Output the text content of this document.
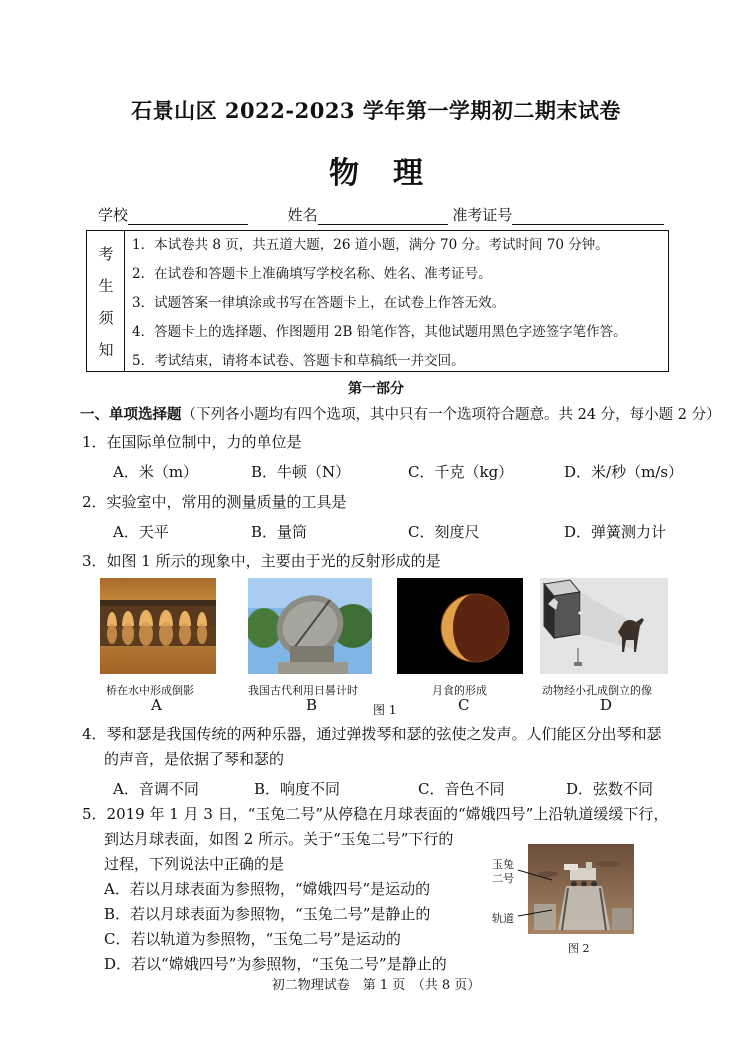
石景山区 2022-2023 学年第一学期初二期末试卷
物理
学校	姓名	准考证号
考
生
须
知
1．本试卷共 8 页，共五道大题，26 道小题，满分 70 分。考试时间 70 分钟。
2．在试卷和答题卡上准确填写学校名称、姓名、准考证号。
3．试题答案一律填涂或书写在答题卡上，在试卷上作答无效。
4．答题卡上的选择题、作图题用 2B 铅笔作答，其他试题用黑色字迹签字笔作答。
5．考试结束，请将本试卷、答题卡和草稿纸一并交回。
第一部分
一、单项选择题（下列各小题均有四个选项，其中只有一个选项符合题意。共 24 分，每小题 2 分）
1．在国际单位制中，力的单位是
A．米（m）	B．牛顿（N）	C．千克（kg）	D．米/秒（m/s）
2．实验室中，常用的测量质量的工具是
A．天平	B．量筒	C．刻度尺	D．弹簧测力计
3．如图 1 所示的现象中，主要由于光的反射形成的是
桥在水中形成倒影
A
我国古代利用日晷计时
B
月食的形成
C
动物经小孔成倒立的像
D
图 1
4．琴和瑟是我国传统的两种乐器，通过弹拨琴和瑟的弦使之发声。人们能区分出琴和瑟
的声音，是依据了琴和瑟的
A．音调不同	B．响度不同	C．音色不同	D．弦数不同
5．2019 年 1 月 3 日，“玉兔二号”从停稳在月球表面的“嫦娥四号”上沿轨道缓缓下行，
到达月球表面，如图 2 所示。关于“玉兔二号”下行的
过程，下列说法中正确的是
A．若以月球表面为参照物，“嫦娥四号”是运动的
B．若以月球表面为参照物，“玉兔二号”是静止的
C．若以轨道为参照物，“玉兔二号”是运动的
D．若以“嫦娥四号”为参照物，“玉兔二号”是静止的
玉兔
二号
轨道
图 2
初二物理试卷　第 1 页　（共 8 页）
